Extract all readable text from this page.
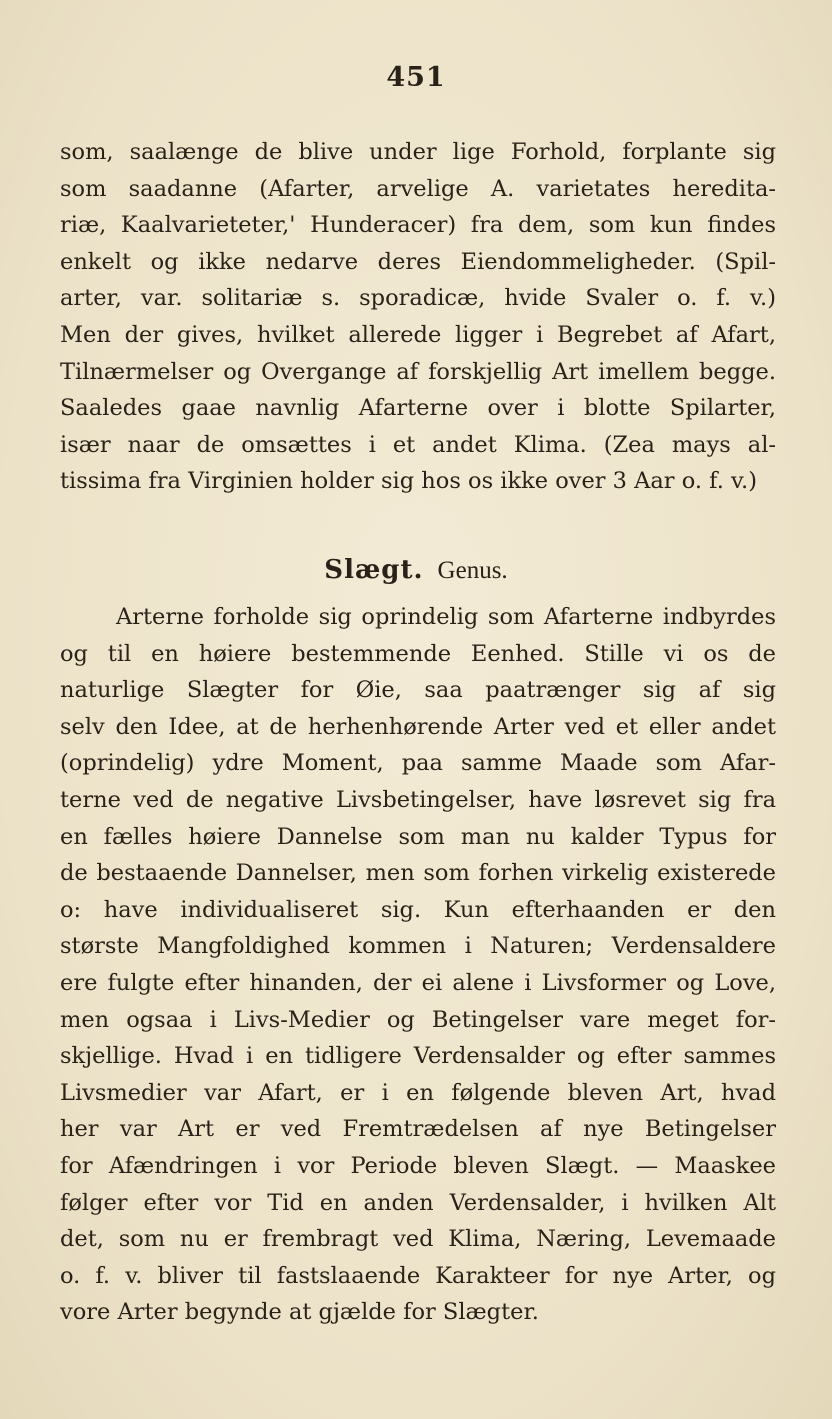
451
som, saalænge de blive under lige Forhold, forplante sig
som saadanne (Afarter, arvelige A. varietates heredita-
riæ, Kaalvarieteter,' Hunderacer) fra dem, som kun findes
enkelt og ikke nedarve deres Eiendommeligheder. (Spil-
arter, var. solitariæ s. sporadicæ, hvide Svaler o. f. v.)
Men der gives, hvilket allerede ligger i Begrebet af Afart,
Tilnærmelser og Overgange af forskjellig Art imellem begge.
Saaledes gaae navnlig Afarterne over i blotte Spilarter,
især naar de omsættes i et andet Klima. (Zea mays al-
tissima fra Virginien holder sig hos os ikke over 3 Aar o. f. v.)
Slægt. Genus.
Arterne forholde sig oprindelig som Afarterne indbyrdes
og til en høiere bestemmende Eenhed. Stille vi os de
naturlige Slægter for Øie, saa paatrænger sig af sig
selv den Idee, at de herhenhørende Arter ved et eller andet
(oprindelig) ydre Moment, paa samme Maade som Afar-
terne ved de negative Livsbetingelser, have løsrevet sig fra
en fælles høiere Dannelse som man nu kalder Typus for
de bestaaende Dannelser, men som forhen virkelig existerede
o: have individualiseret sig. Kun efterhaanden er den
største Mangfoldighed kommen i Naturen; Verdensaldere
ere fulgte efter hinanden, der ei alene i Livsformer og Love,
men ogsaa i Livs-Medier og Betingelser vare meget for-
skjellige. Hvad i en tidligere Verdensalder og efter sammes
Livsmedier var Afart, er i en følgende bleven Art, hvad
her var Art er ved Fremtrædelsen af nye Betingelser
for Afændringen i vor Periode bleven Slægt. — Maaskee
følger efter vor Tid en anden Verdensalder, i hvilken Alt
det, som nu er frembragt ved Klima, Næring, Levemaade
o. f. v. bliver til fastslaaende Karakteer for nye Arter, og
vore Arter begynde at gjælde for Slægter.
